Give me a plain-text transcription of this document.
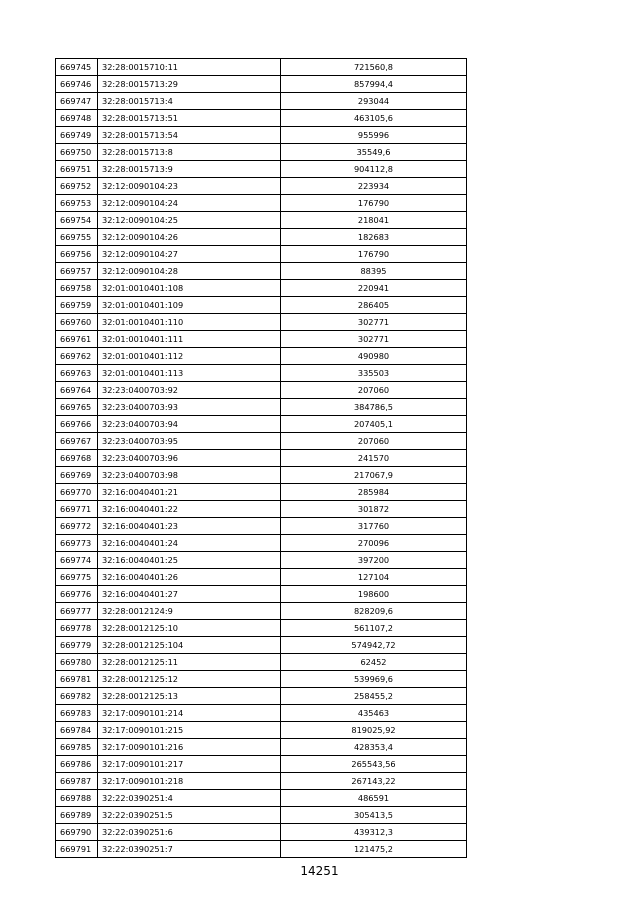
669745	32:28:0015710:11	721560,8
669746	32:28:0015713:29	857994,4
669747	32:28:0015713:4	293044
669748	32:28:0015713:51	463105,6
669749	32:28:0015713:54	955996
669750	32:28:0015713:8	35549,6
669751	32:28:0015713:9	904112,8
669752	32:12:0090104:23	223934
669753	32:12:0090104:24	176790
669754	32:12:0090104:25	218041
669755	32:12:0090104:26	182683
669756	32:12:0090104:27	176790
669757	32:12:0090104:28	88395
669758	32:01:0010401:108	220941
669759	32:01:0010401:109	286405
669760	32:01:0010401:110	302771
669761	32:01:0010401:111	302771
669762	32:01:0010401:112	490980
669763	32:01:0010401:113	335503
669764	32:23:0400703:92	207060
669765	32:23:0400703:93	384786,5
669766	32:23:0400703:94	207405,1
669767	32:23:0400703:95	207060
669768	32:23:0400703:96	241570
669769	32:23:0400703:98	217067,9
669770	32:16:0040401:21	285984
669771	32:16:0040401:22	301872
669772	32:16:0040401:23	317760
669773	32:16:0040401:24	270096
669774	32:16:0040401:25	397200
669775	32:16:0040401:26	127104
669776	32:16:0040401:27	198600
669777	32:28:0012124:9	828209,6
669778	32:28:0012125:10	561107,2
669779	32:28:0012125:104	574942,72
669780	32:28:0012125:11	62452
669781	32:28:0012125:12	539969,6
669782	32:28:0012125:13	258455,2
669783	32:17:0090101:214	435463
669784	32:17:0090101:215	819025,92
669785	32:17:0090101:216	428353,4
669786	32:17:0090101:217	265543,56
669787	32:17:0090101:218	267143,22
669788	32:22:0390251:4	486591
669789	32:22:0390251:5	305413,5
669790	32:22:0390251:6	439312,3
669791	32:22:0390251:7	121475,2
14251
